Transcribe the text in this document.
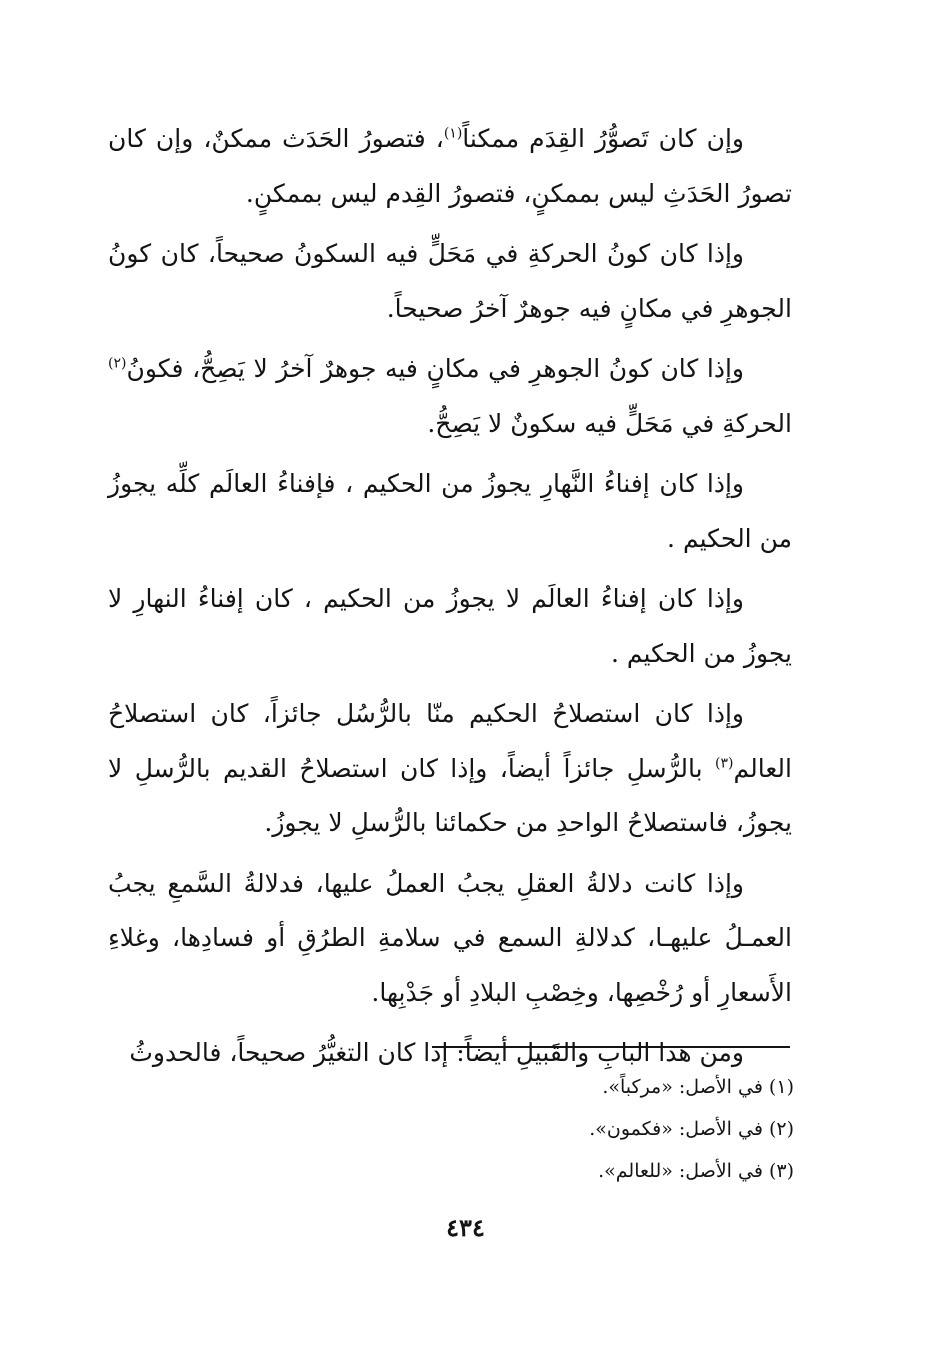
وإن كان تَصوُّرُ القِدَم ممكناً$^{(١)}$، فتصورُ الحَدَث ممكنٌ، وإن كان تصورُ الحَدَثِ ليس بممكنٍ، فتصورُ القِدم ليس بممكنٍ.

وإذا كان كونُ الحركةِ في مَحَلٍّ فيه السكونُ صحيحاً، كان كونُ الجوهرِ في مكانٍ فيه جوهرٌ آخرُ صحيحاً.

وإذا كان كونُ الجوهرِ في مكانٍ فيه جوهرٌ آخرُ لا يَصِحُّ، فكونُ$^{(٢)}$ الحركةِ في مَحَلٍّ فيه سكونٌ لا يَصِحُّ.

وإذا كان إفناءُ النَّهارِ يجوزُ من الحكيم ، فإفناءُ العالَم كلِّه يجوزُ من الحكيم .

وإذا كان إفناءُ العالَم لا يجوزُ من الحكيم ، كان إفناءُ النهارِ لا يجوزُ من الحكيم .

وإذا كان استصلاحُ الحكيم منّا بالرُّسُل جائزاً، كان استصلاحُ العالم$^{(٣)}$ بالرُّسلِ جائزاً أيضاً، وإذا كان استصلاحُ القديم بالرُّسلِ لا يجوزُ، فاستصلاحُ الواحدِ من حكمائنا بالرُّسلِ لا يجوزُ.

وإذا كانت دلالةُ العقلِ يجبُ العملُ عليها، فدلالةُ السَّمعِ يجبُ العمـلُ عليهـا، كدلالةِ السمع في سلامةِ الطرُقِ أو فسادِها، وغلاءِ الأَسعارِ أو رُخْصِها، وخِصْبِ البلادِ أو جَدْبِها.

ومن هذا البابِ والقَبيلِ أيضاً: إذا كان التغيُّرُ صحيحاً، فالحدوثُ

(١) في الأصل: «مركباً».

(٢) في الأصل: «فكمون».

(٣) في الأصل: «للعالم».

٤٣٤
